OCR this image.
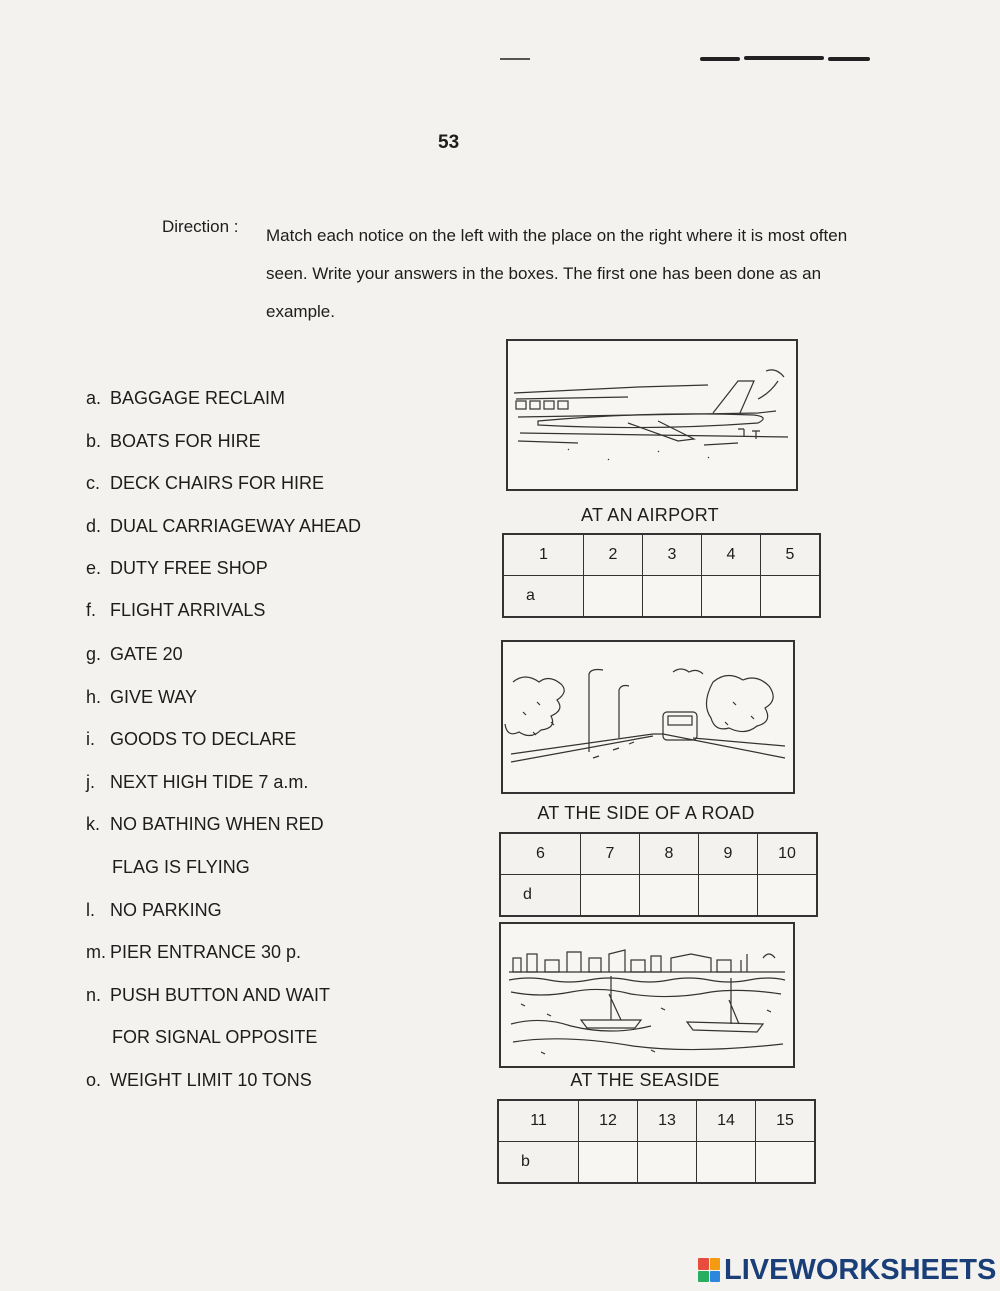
53
Direction : Match each notice on the left with the place on the right where it is most often seen. Write your answers in the boxes. The first one has been done as an example.
a. BAGGAGE RECLAIM
b. BOATS FOR HIRE
c. DECK CHAIRS FOR HIRE
d. DUAL CARRIAGEWAY AHEAD
e. DUTY FREE SHOP
f. FLIGHT ARRIVALS
g. GATE 20
h. GIVE WAY
i. GOODS TO DECLARE
j. NEXT HIGH TIDE 7 a.m.
k. NO BATHING WHEN RED
FLAG IS FLYING
l. NO PARKING
m. PIER ENTRANCE 30 p.
n. PUSH BUTTON AND WAIT
FOR SIGNAL OPPOSITE
o. WEIGHT LIMIT 10 TONS
AT AN AIRPORT
1	2	3	4	5
a				
AT THE SIDE OF A ROAD
6	7	8	9	10
d				
AT THE SEASIDE
11	12	13	14	15
b				
LIVEWORKSHEETS
